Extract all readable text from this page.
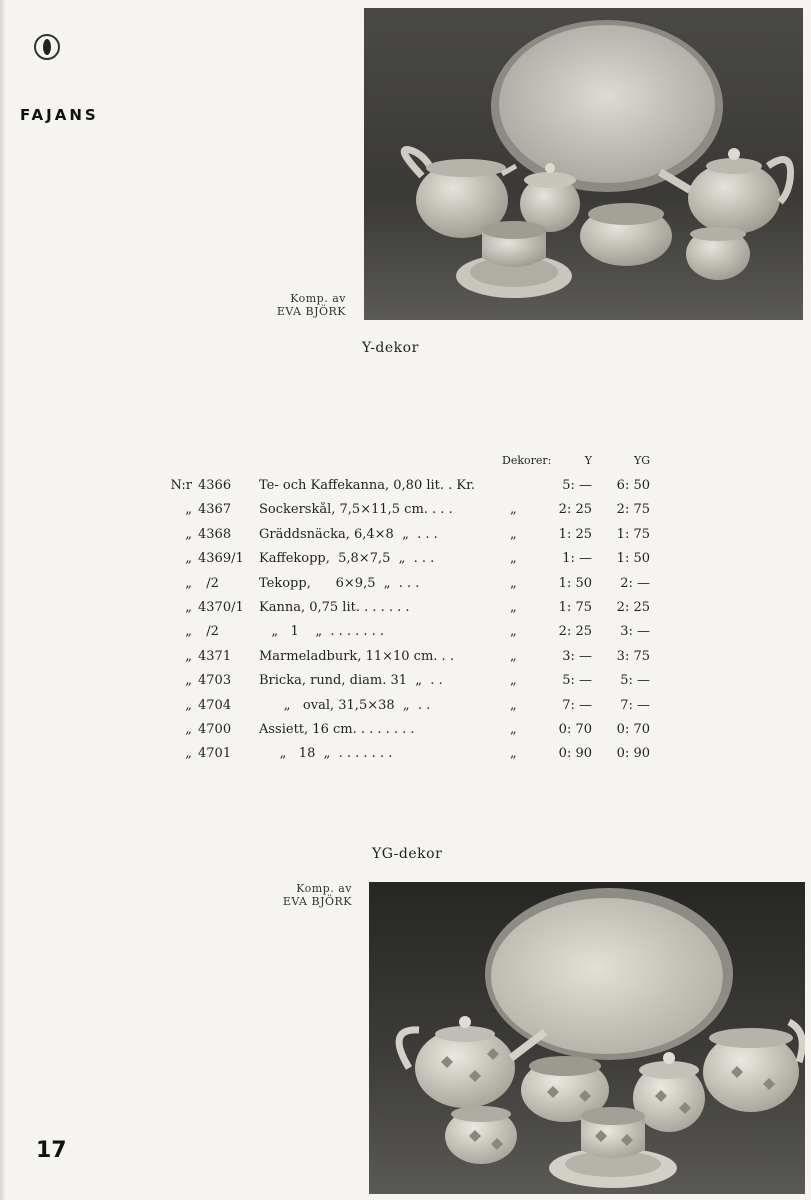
FAJANS
Komp. av
EVA BJÖRK
Y-dekor
Dekorer:	Y	YG
N:r 4366	Te- och Kaffekanna, 0,80 lit. . Kr.	5: —	6: 50
„ 4367	Sockerskål, 7,5×11,5 cm. . . .	„	2: 25	2: 75
„ 4368	Gräddsnäcka, 6,4×8  „  . . .	„	1: 25	1: 75
„ 4369/1	Kaffekopp,  5,8×7,5  „  . . .	„	1: —	1: 50
„ /2	Tekopp,      6×9,5  „  . . .	„	1: 50	2: —
„ 4370/1	Kanna, 0,75 lit. . . . . . .	„	1: 75	2: 25
„ /2	„   1    „  . . . . . . .	„	2: 25	3: —
„ 4371	Marmeladburk, 11×10 cm. . .	„	3: —	3: 75
„ 4703	Bricka, rund, diam. 31  „  . .	„	5: —	5: —
„ 4704	„   oval, 31,5×38  „  . .	„	7: —	7: —
„ 4700	Assiett, 16 cm. . . . . . . .	„	0: 70	0: 70
„ 4701	„   18  „  . . . . . . .	„	0: 90	0: 90
YG-dekor
Komp. av
EVA BJÖRK
17
